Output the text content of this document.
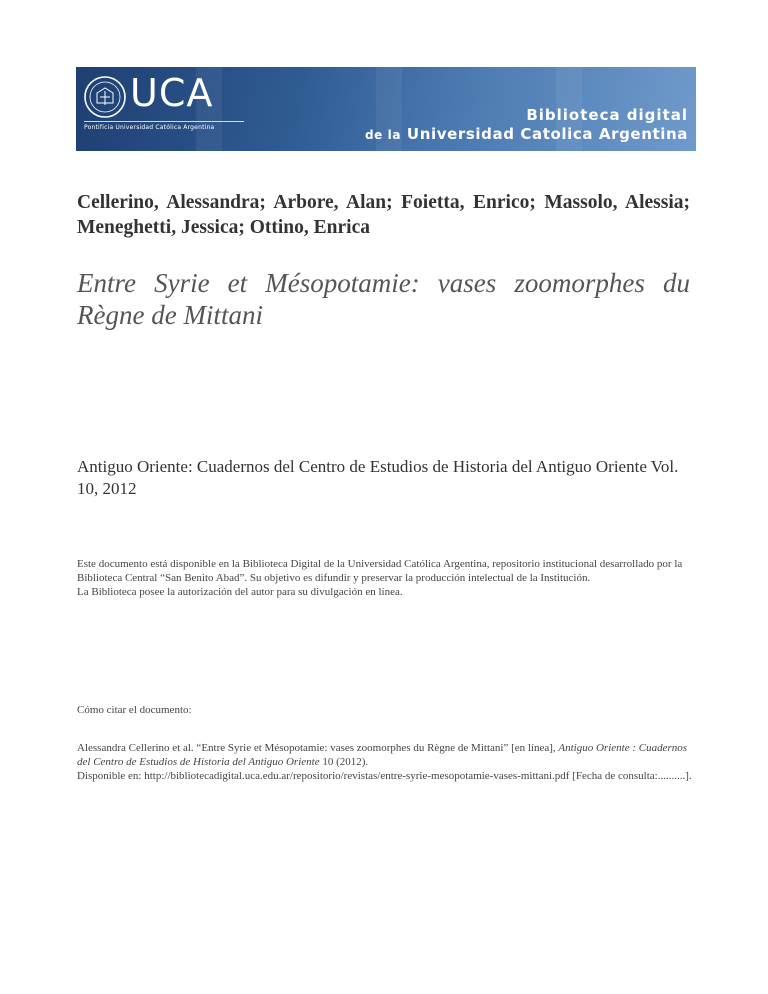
UCA
Pontificia Universidad Católica Argentina
Biblioteca digital
de la Universidad Catolica Argentina
Cellerino, Alessandra; Arbore, Alan; Foietta, Enrico; Massolo, Alessia; Meneghetti, Jessica; Ottino, Enrica
Entre Syrie et Mésopotamie: vases zoomorphes du Règne de Mittani
Antiguo Oriente: Cuadernos del Centro de Estudios de Historia del Antiguo Oriente Vol. 10, 2012

Este documento está disponible en la Biblioteca Digital de la Universidad Católica Argentina, repositorio institucional desarrollado por la Biblioteca Central “San Benito Abad”. Su objetivo es difundir y preservar la producción intelectual de la Institución.

La Biblioteca posee la autorización del autor para su divulgación en línea.

Cómo citar el documento:

Alessandra Cellerino et al. “Entre Syrie et Mésopotamie: vases zoomorphes du Règne de Mittani” [en línea], Antiguo Oriente : Cuadernos del Centro de Estudios de Historia del Antiguo Oriente 10 (2012).

Disponible en: http://bibliotecadigital.uca.edu.ar/repositorio/revistas/entre-syrie-mesopotamie-vases-mittani.pdf [Fecha de consulta:..........].
